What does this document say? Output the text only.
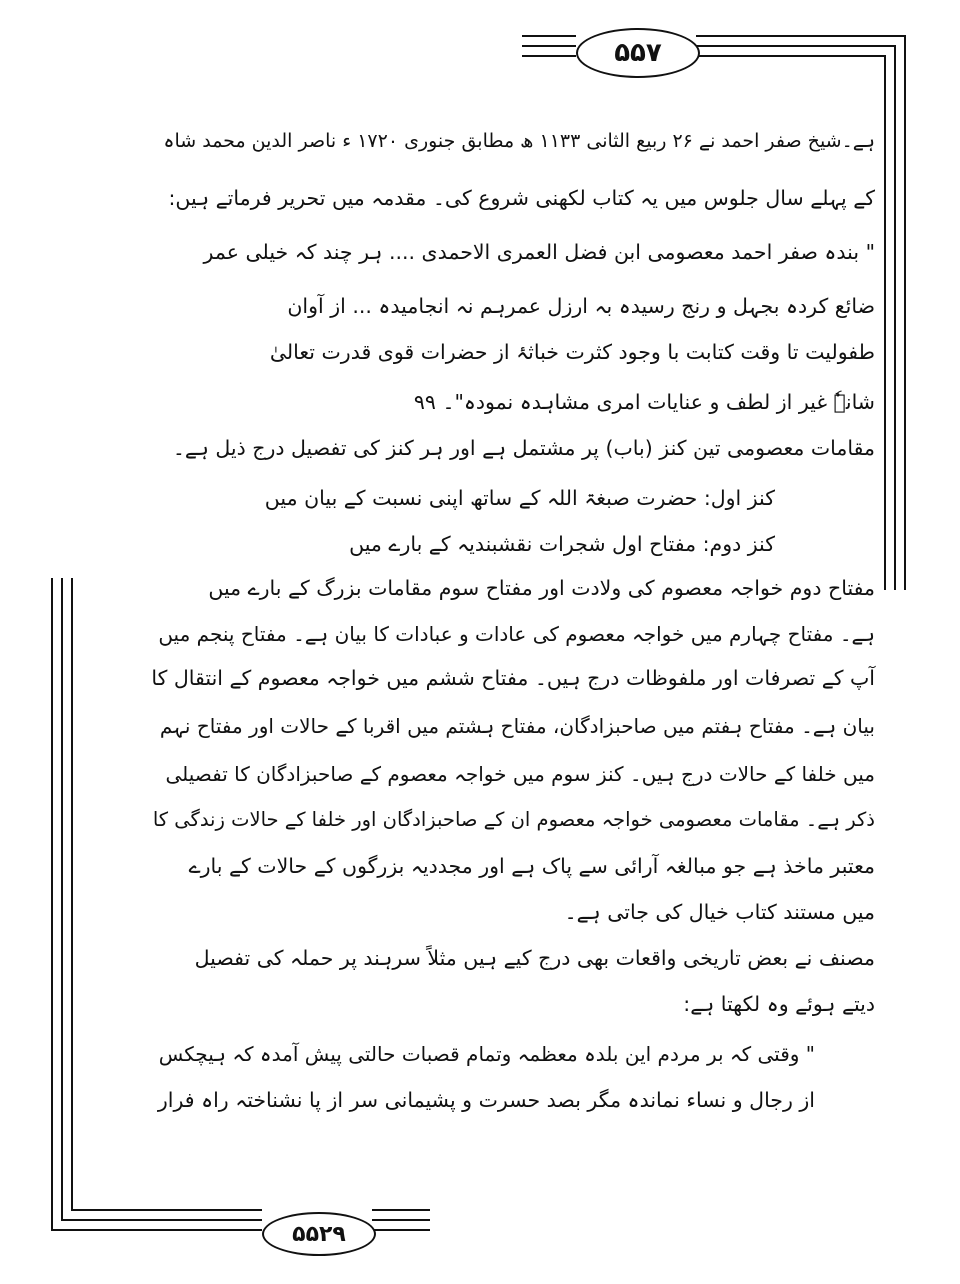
۵۵۷
۵۵۲۹
ہے۔شیخ صفر احمد نے ۲۶ ربیع الثانی ۱۱۳۳ ھ مطابق جنوری ۱۷۲۰ ء ناصر الدین محمد شاہ
کے پہلے سال جلوس میں یہ کتاب لکھنی شروع کی۔ مقدمہ میں تحریر فرماتے ہیں:
" بندہ صفر احمد معصومی ابن فضل العمری الاحمدی .... ہر چند کہ خیلی عمر
ضائع کردہ بجہل و رنج رسیدہ بہ ارزل عمرہم نہ انجامیدہ ... از آوان
طفولیت تا وقت کتابت با وجود کثرت خباثۂ از حضرات قوی قدرت تعالیٰ
شانہٗ غیر از لطف و عنایات امری مشاہدہ نمودہ"۔ ۹۹
مقامات معصومی تین کنز (باب) پر مشتمل ہے اور ہر کنز کی تفصیل درج ذیل ہے۔
کنز اول: حضرت صبغۃ اللہ کے ساتھ اپنی نسبت کے بیان میں
کنز دوم: مفتاح اول شجرات نقشبندیہ کے بارے میں
مفتاح دوم خواجہ معصوم کی ولادت اور مفتاح سوم مقامات بزرگ کے بارے میں
ہے۔ مفتاح چہارم میں خواجہ معصوم کی عادات و عبادات کا بیان ہے۔ مفتاح پنجم میں
آپ کے تصرفات اور ملفوظات درج ہیں۔ مفتاح ششم میں خواجہ معصوم کے انتقال کا
بیان ہے۔ مفتاح ہفتم میں صاحبزادگان، مفتاح ہشتم میں اقربا کے حالات اور مفتاح نہم
میں خلفا کے حالات درج ہیں۔ کنز سوم میں خواجہ معصوم کے صاحبزادگان کا تفصیلی
ذکر ہے۔ مقامات معصومی خواجہ معصوم ان کے صاحبزادگان اور خلفا کے حالات زندگی کا
معتبر ماخذ ہے جو مبالغہ آرائی سے پاک ہے اور مجددیہ بزرگوں کے حالات کے بارے
میں مستند کتاب خیال کی جاتی ہے۔
مصنف نے بعض تاریخی واقعات بھی درج کیے ہیں مثلاً سرہند پر حملہ کی تفصیل
دیتے ہوئے وہ لکھتا ہے:
" وقتی کہ بر مردم این بلدہ معظمہ وتمام قصبات حالتی پیش آمدہ کہ ہیچکس
از رجال و نساء نماندہ مگر بصد حسرت و پشیمانی سر از پا نشناختہ راہ فرار
